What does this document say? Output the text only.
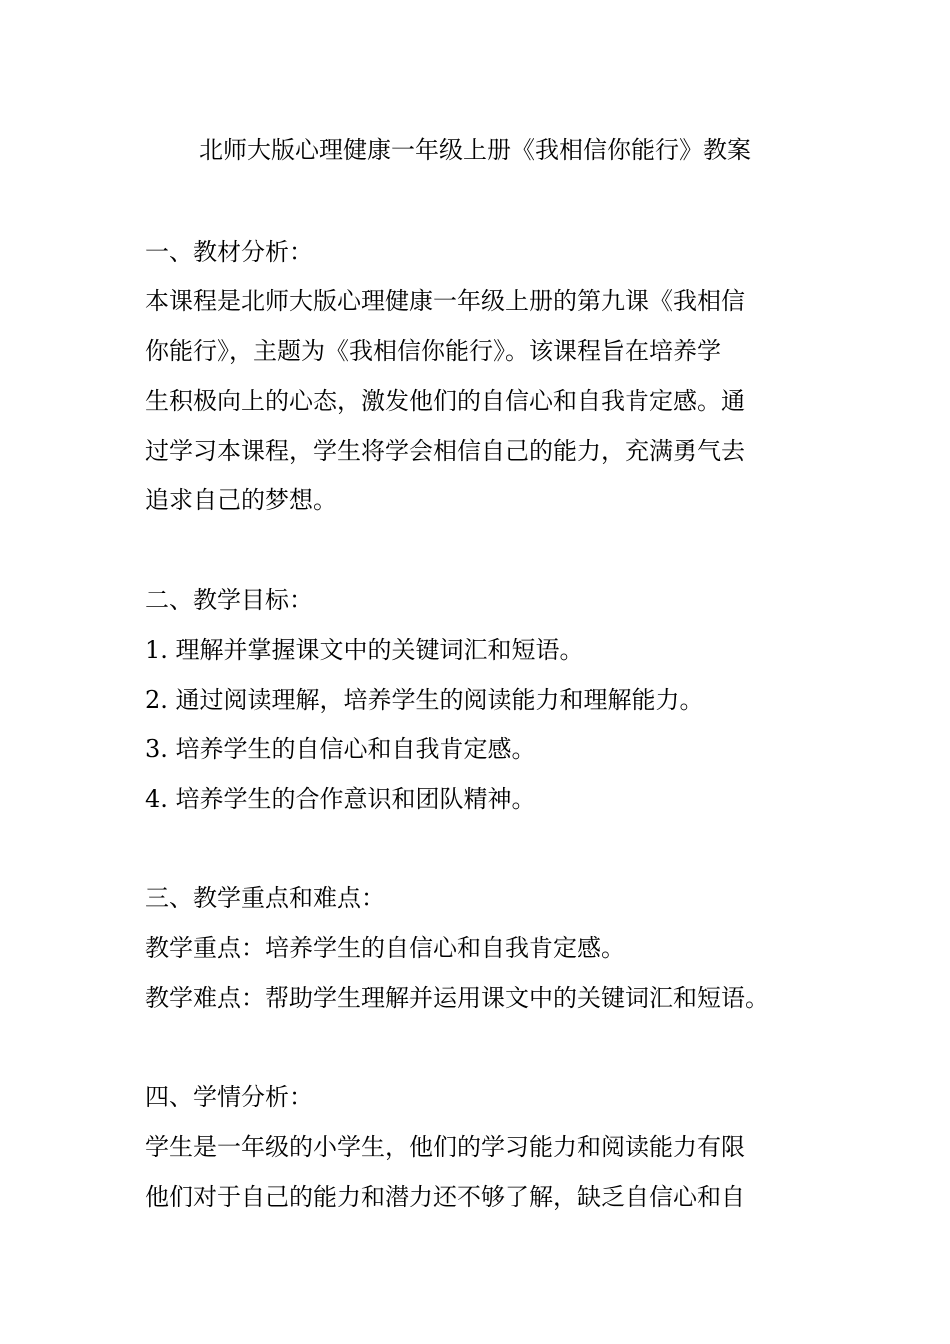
北师大版心理健康一年级上册《我相信你能行》教案
一、教材分析：
本课程是北师大版心理健康一年级上册的第九课《我相信
你能行》，主题为《我相信你能行》。该课程旨在培养学
生积极向上的心态，激发他们的自信心和自我肯定感。通
过学习本课程，学生将学会相信自己的能力，充满勇气去
追求自己的梦想。
二、教学目标：
1. 理解并掌握课文中的关键词汇和短语。
2. 通过阅读理解，培养学生的阅读能力和理解能力。
3. 培养学生的自信心和自我肯定感。
4. 培养学生的合作意识和团队精神。
三、教学重点和难点：
教学重点：培养学生的自信心和自我肯定感。
教学难点：帮助学生理解并运用课文中的关键词汇和短语。
四、学情分析：
学生是一年级的小学生，他们的学习能力和阅读能力有限
他们对于自己的能力和潜力还不够了解，缺乏自信心和自
